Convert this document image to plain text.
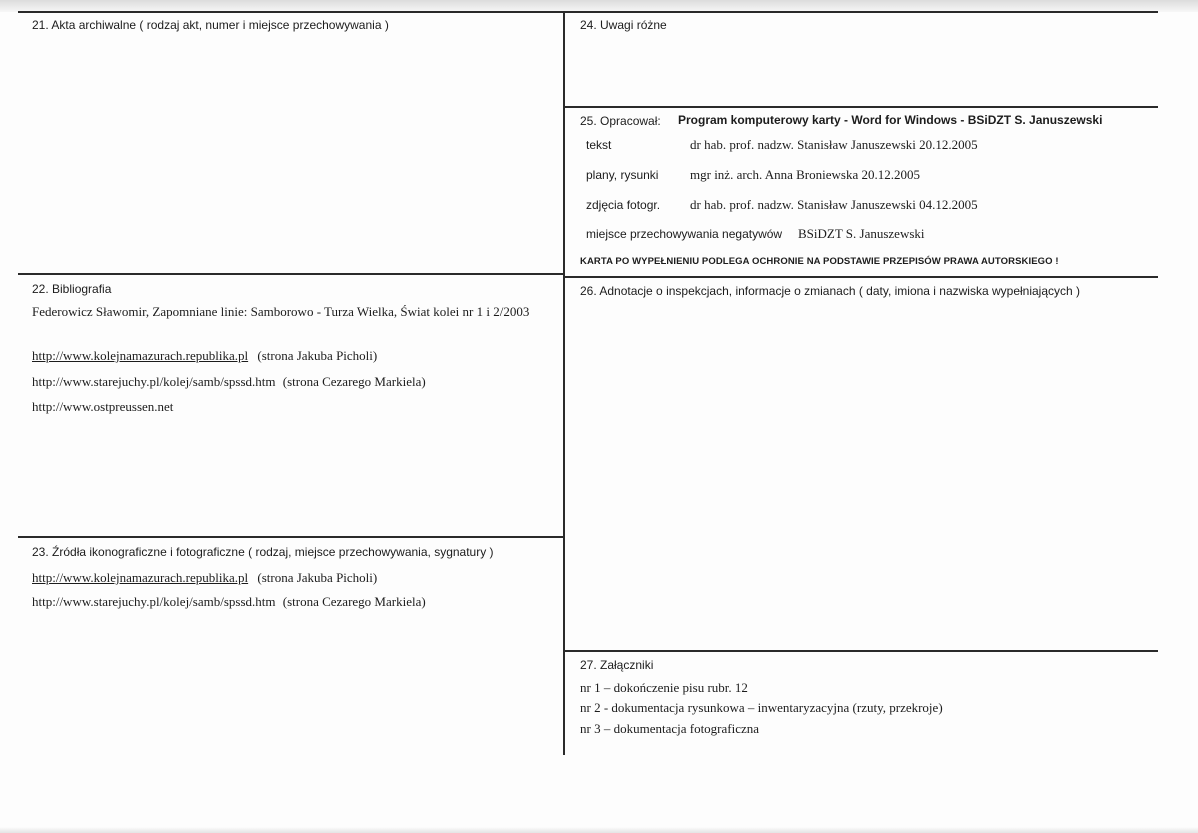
21. Akta archiwalne ( rodzaj akt, numer i miejsce przechowywania )
22. Bibliografia
Federowicz Sławomir, Zapomniane linie: Samborowo - Turza Wielka, Świat kolei nr 1 i 2/2003
http://www.kolejnamazurach.republika.pl (strona Jakuba Picholi)
http://www.starejuchy.pl/kolej/samb/spssd.htm (strona Cezarego Markiela)
http://www.ostpreussen.net
23. Źródła ikonograficzne i fotograficzne ( rodzaj, miejsce przechowywania, sygnatury )
http://www.kolejnamazurach.republika.pl (strona Jakuba Picholi)
http://www.starejuchy.pl/kolej/samb/spssd.htm (strona Cezarego Markiela)
24. Uwagi różne
25. Opracował: Program komputerowy karty - Word for Windows - BSiDZT S. Januszewski
tekst	dr hab. prof. nadzw. Stanisław Januszewski 20.12.2005
plany, rysunki mgr inż. arch. Anna Broniewska 20.12.2005
zdjęcia fotogr. dr hab. prof. nadzw. Stanisław Januszewski 04.12.2005
miejsce przechowywania negatywów BSiDZT S. Januszewski
KARTA PO WYPEŁNIENIU PODLEGA OCHRONIE NA PODSTAWIE PRZEPISÓW PRAWA AUTORSKIEGO !
26. Adnotacje o inspekcjach, informacje o zmianach ( daty, imiona i nazwiska wypełniających )
27. Załączniki
nr 1 – dokończenie pisu rubr. 12
nr 2 - dokumentacja rysunkowa – inwentaryzacyjna (rzuty, przekroje)
nr 3 – dokumentacja fotograficzna
